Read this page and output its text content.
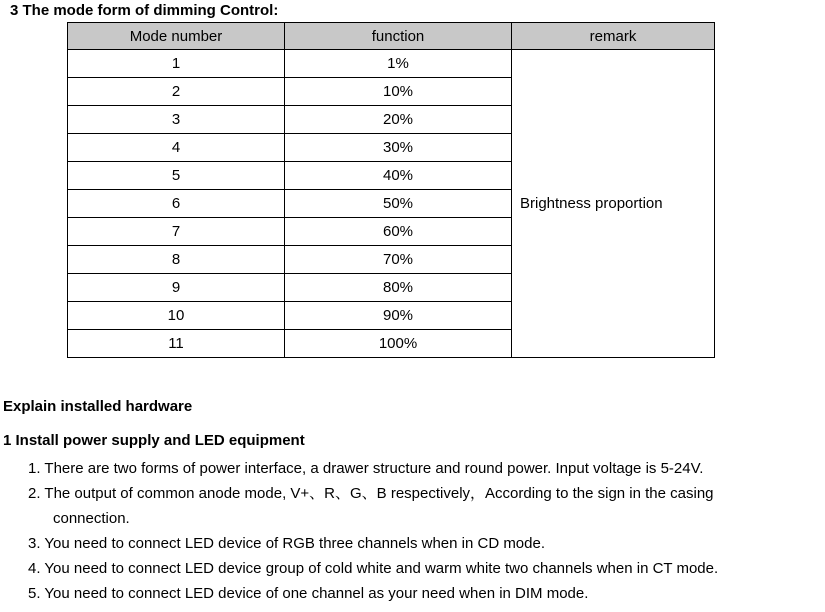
3 The mode form of dimming Control:
Mode number	function	remark
1	1%	Brightness proportion
2	10%	
3	20%	
4	30%	
5	40%	
6	50%	
7	60%	
8	70%	
9	80%	
10	90%	
11	100%	
Explain installed hardware
1 Install power supply and LED equipment
1. There are two forms of power interface, a drawer structure and round power. Input voltage is 5-24V.
2. The output of common anode mode, V+、R、G、B respectively，According to the sign in the casing
connection.
3. You need to connect LED device of RGB three channels when in CD mode.
4. You need to connect LED device group of cold white and warm white two channels when in CT mode.
5. You need to connect LED device of one channel as your need when in DIM mode.
